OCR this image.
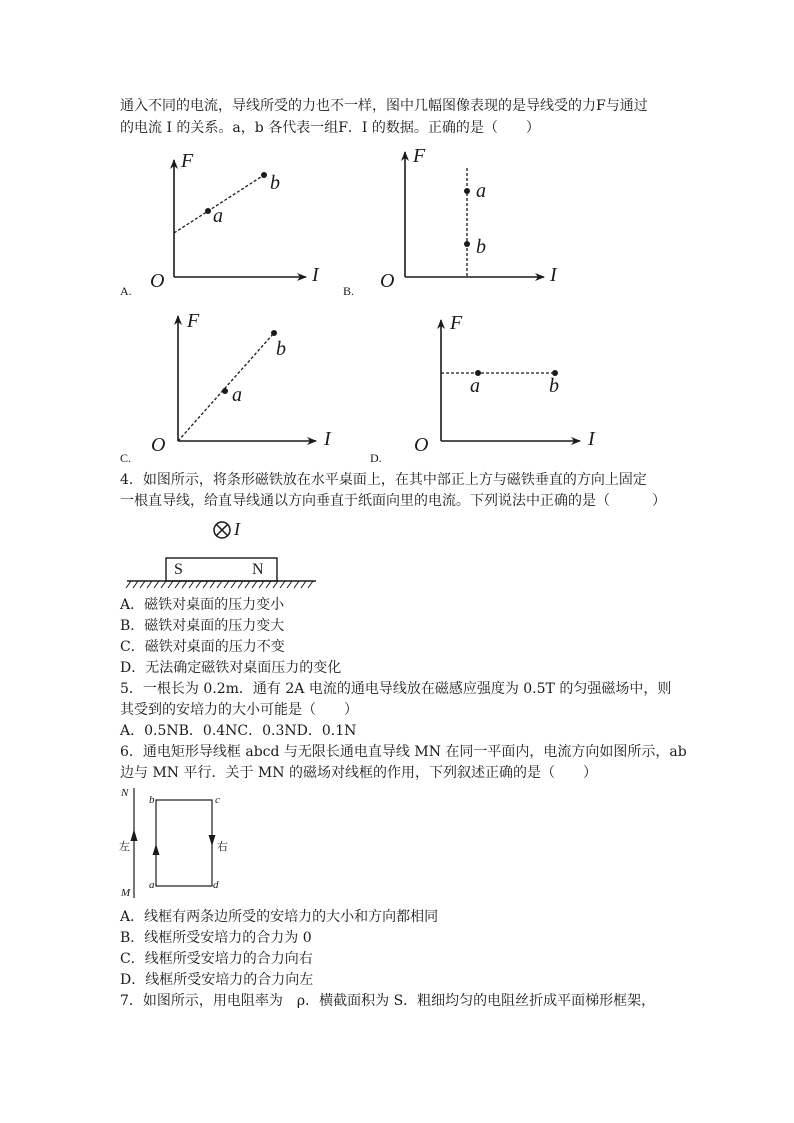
通入不同的电流，导线所受的力也不一样，图中几幅图像表现的是导线受的力F与通过
的电流 I 的关系。a，b 各代表一组F．I 的数据。正确的是（　　）
A.
F
I
O
a
b
B.
F
I
O
a
b
C.
F
I
O
a
b
D.
F
I
O
a	b
4．如图所示，将条形磁铁放在水平桌面上，在其中部正上方与磁铁垂直的方向上固定
一根直导线，给直导线通以方向垂直于纸面向里的电流。下列说法中正确的是（　　　）
I
S	N
A．磁铁对桌面的压力变小
B．磁铁对桌面的压力变大
C．磁铁对桌面的压力不变
D．无法确定磁铁对桌面压力的变化
5．一根长为 0.2m．通有 2A 电流的通电导线放在磁感应强度为 0.5T 的匀强磁场中，则
其受到的安培力的大小可能是（　　）
A．0.5NB．0.4NC．0.3ND．0.1N
6．通电矩形导线框 abcd 与无限长通电直导线 MN 在同一平面内，电流方向如图所示，ab
边与 MN 平行．关于 MN 的磁场对线框的作用，下列叙述正确的是（　　）
N
M
左	右
b	c
a	d
A．线框有两条边所受的安培力的大小和方向都相同
B．线框所受安培力的合力为 0
C．线框所受安培力的合力向右
D．线框所受安培力的合力向左
7．如图所示，用电阻率为　ρ．横截面积为 S．粗细均匀的电阻丝折成平面梯形框架，
